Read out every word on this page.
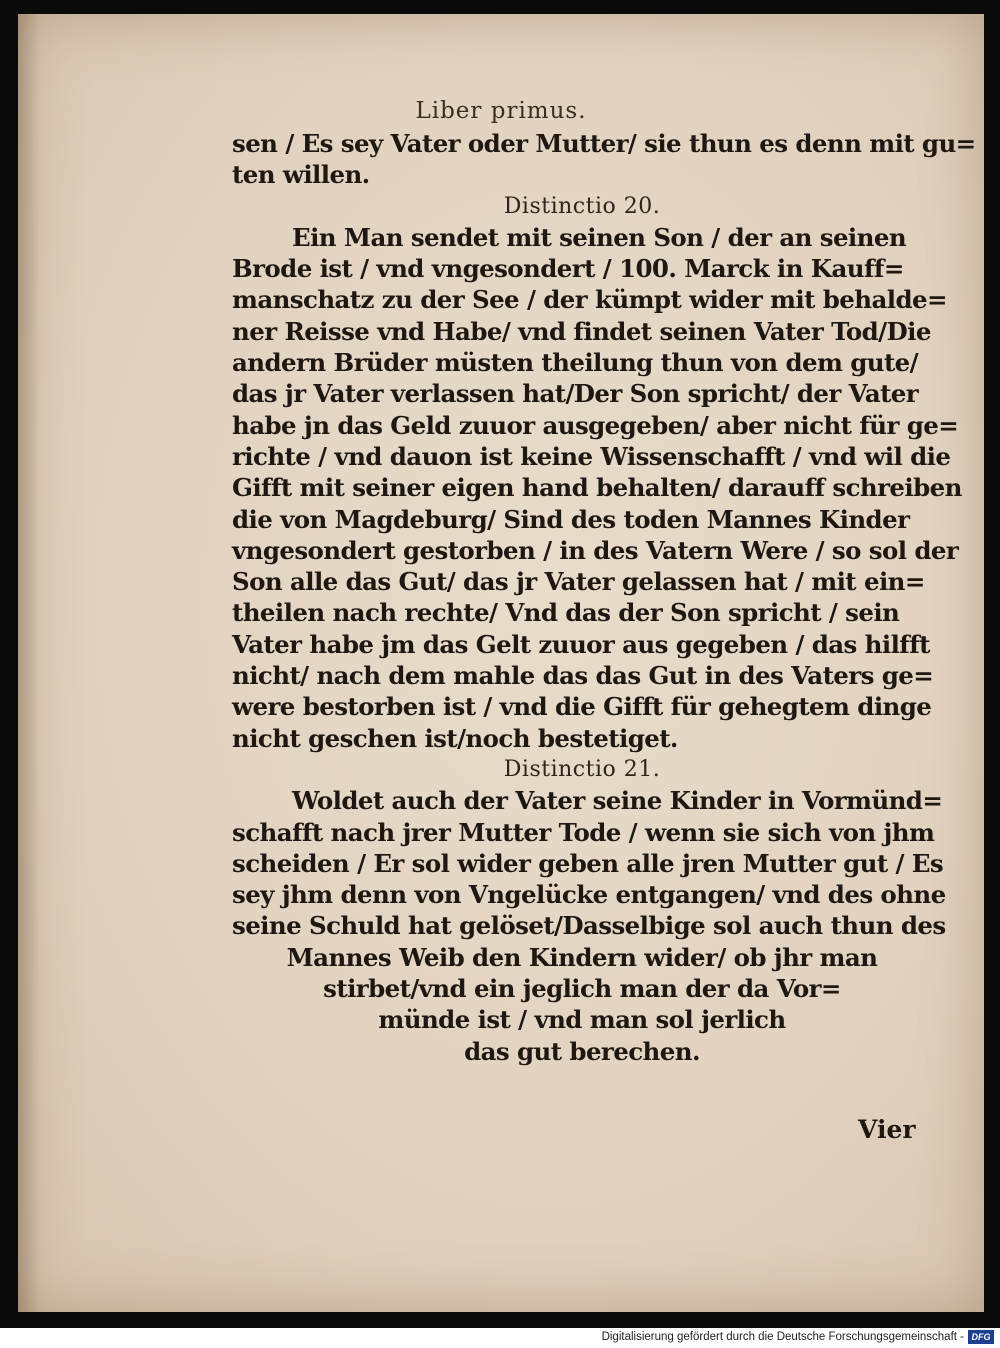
Liber primus.
sen / Es sey Vater oder Mutter/ sie thun es denn mit gu=
ten willen.
Distinctio 20.
Ein Man sendet mit seinen Son / der an seinen
Brode ist / vnd vngesondert / 100. Marck in Kauff=
manschatz zu der See / der kümpt wider mit behalde=
ner Reisse vnd Habe/ vnd findet seinen Vater Tod/Die
andern Brüder müsten theilung thun von dem gute/
das jr Vater verlassen hat/Der Son spricht/ der Vater
habe jn das Geld zuuor ausgegeben/ aber nicht für ge=
richte / vnd dauon ist keine Wissenschafft / vnd wil die
Gifft mit seiner eigen hand behalten/ darauff schreiben
die von Magdeburg/ Sind des toden Mannes Kinder
vngesondert gestorben / in des Vatern Were / so sol der
Son alle das Gut/ das jr Vater gelassen hat / mit ein=
theilen nach rechte/ Vnd das der Son spricht / sein
Vater habe jm das Gelt zuuor aus gegeben / das hilfft
nicht/ nach dem mahle das das Gut in des Vaters ge=
were bestorben ist / vnd die Gifft für gehegtem dinge
nicht geschen ist/noch bestetiget.
Distinctio 21.
Woldet auch der Vater seine Kinder in Vormünd=
schafft nach jrer Mutter Tode / wenn sie sich von jhm
scheiden / Er sol wider geben alle jren Mutter gut / Es
sey jhm denn von Vngelücke entgangen/ vnd des ohne
seine Schuld hat gelöset/Dasselbige sol auch thun des
Mannes Weib den Kindern wider/ ob jhr man
stirbet/vnd ein jeglich man der da Vor=
münde ist / vnd man sol jerlich
das gut berechen.
Vier
Digitalisierung gefördert durch die Deutsche Forschungsgemeinschaft - DFG
